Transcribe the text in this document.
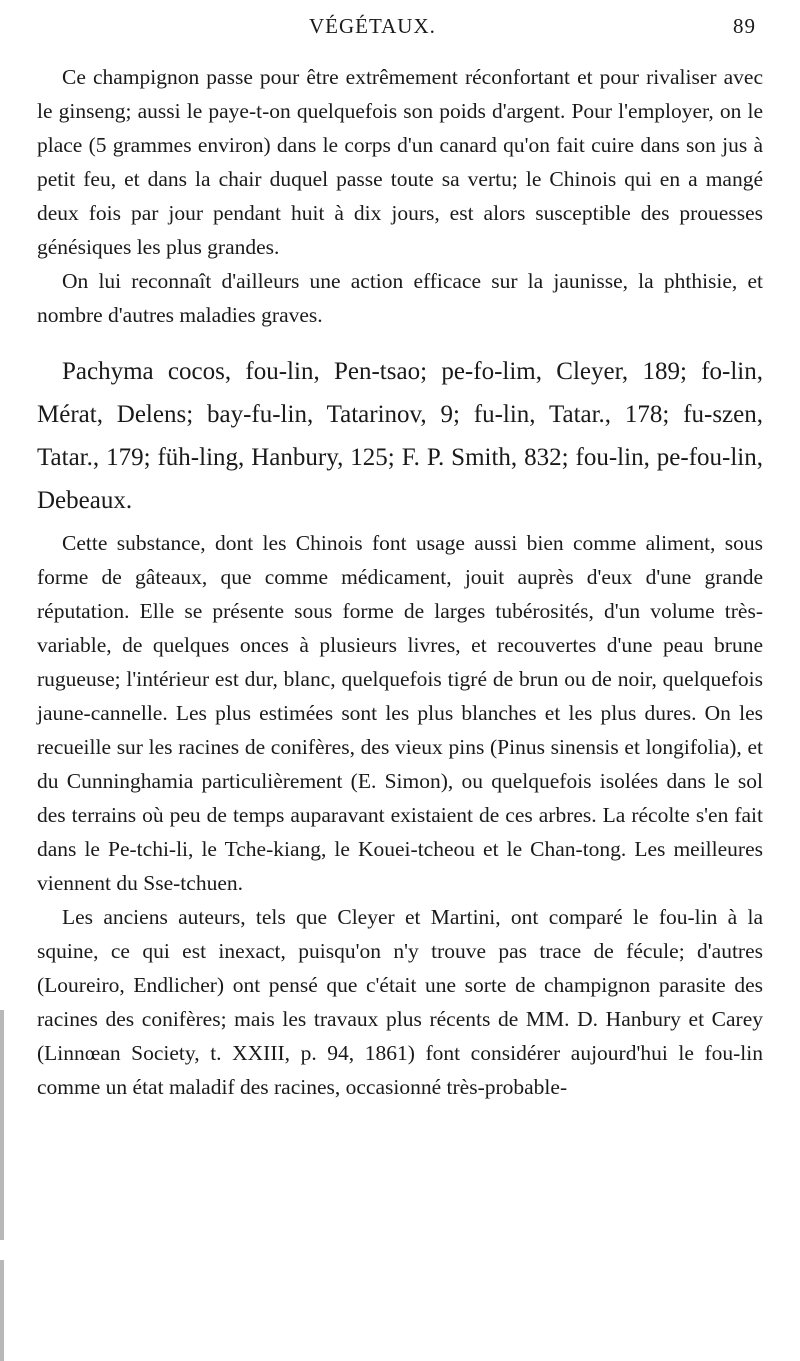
VÉGÉTAUX.	89

Ce champignon passe pour être extrêmement réconfortant et pour rivaliser avec le ginseng; aussi le paye-t-on quelquefois son poids d'argent. Pour l'employer, on le place (5 grammes environ) dans le corps d'un canard qu'on fait cuire dans son jus à petit feu, et dans la chair duquel passe toute sa vertu; le Chinois qui en a mangé deux fois par jour pendant huit à dix jours, est alors susceptible des prouesses génésiques les plus grandes.

On lui reconnaît d'ailleurs une action efficace sur la jaunisse, la phthisie, et nombre d'autres maladies graves.

Pachyma cocos, fou-lin, Pen-tsao; pe-fo-lim, Cleyer, 189; fo-lin, Mérat, Delens; bay-fu-lin, Tatarinov, 9; fu-lin, Tatar., 178; fu-szen, Tatar., 179; füh-ling, Hanbury, 125; F. P. Smith, 832; fou-lin, pe-fou-lin, Debeaux.

Cette substance, dont les Chinois font usage aussi bien comme aliment, sous forme de gâteaux, que comme médicament, jouit auprès d'eux d'une grande réputation. Elle se présente sous forme de larges tubérosités, d'un volume très-variable, de quelques onces à plusieurs livres, et recouvertes d'une peau brune rugueuse; l'intérieur est dur, blanc, quelquefois tigré de brun ou de noir, quelquefois jaune-cannelle. Les plus estimées sont les plus blanches et les plus dures. On les recueille sur les racines de conifères, des vieux pins (Pinus sinensis et longifolia), et du Cunninghamia particulièrement (E. Simon), ou quelquefois isolées dans le sol des terrains où peu de temps auparavant existaient de ces arbres. La récolte s'en fait dans le Pe-tchi-li, le Tche-kiang, le Kouei-tcheou et le Chan-tong. Les meilleures viennent du Sse-tchuen.

Les anciens auteurs, tels que Cleyer et Martini, ont comparé le fou-lin à la squine, ce qui est inexact, puisqu'on n'y trouve pas trace de fécule; d'autres (Loureiro, Endlicher) ont pensé que c'était une sorte de champignon parasite des racines des conifères; mais les travaux plus récents de MM. D. Hanbury et Carey (Linnœan Society, t. XXIII, p. 94, 1861) font considérer aujourd'hui le fou-lin comme un état maladif des racines, occasionné très-probable-
